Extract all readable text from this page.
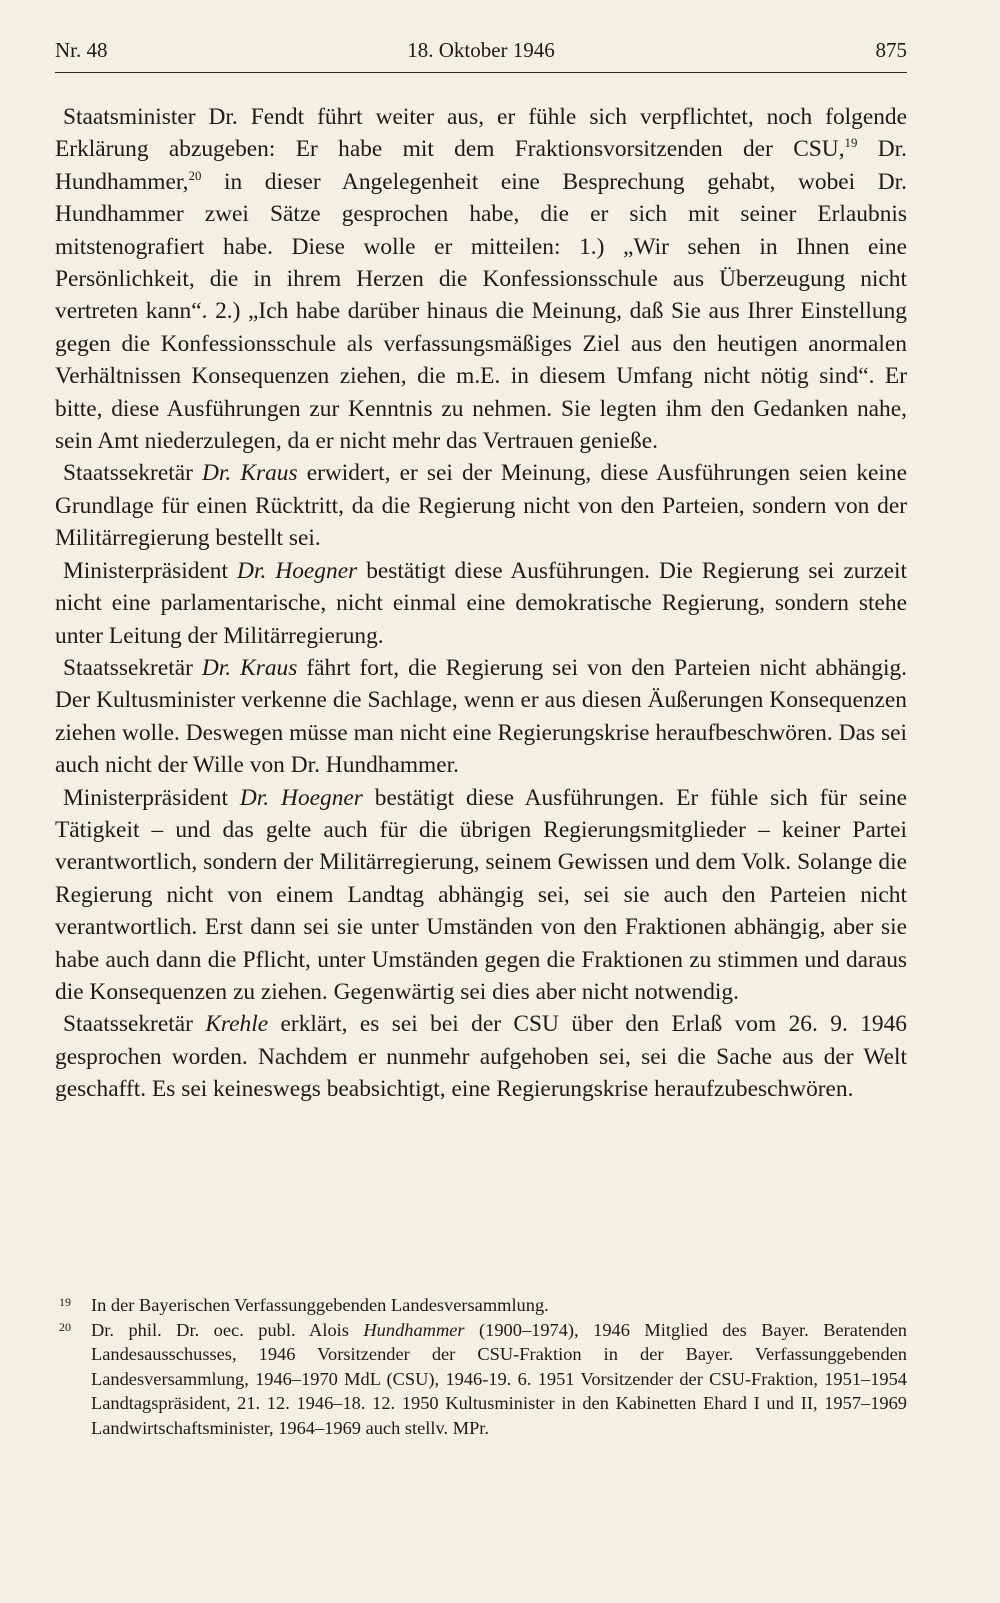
Nr. 48	18. Oktober 1946	875

Staatsminister Dr. Fendt führt weiter aus, er fühle sich verpflichtet, noch folgende Erklärung abzugeben: Er habe mit dem Fraktionsvorsitzenden der CSU,$^{19}$ Dr. Hundhammer,$^{20}$ in dieser Angelegenheit eine Besprechung gehabt, wobei Dr. Hundhammer zwei Sätze gesprochen habe, die er sich mit seiner Erlaubnis mitstenografiert habe. Diese wolle er mitteilen: 1.) „Wir sehen in Ihnen eine Persönlichkeit, die in ihrem Herzen die Konfessionsschule aus Überzeugung nicht vertreten kann“. 2.) „Ich habe darüber hinaus die Meinung, daß Sie aus Ihrer Einstellung gegen die Konfessionsschule als verfassungsmäßiges Ziel aus den heutigen anormalen Verhältnissen Konsequenzen ziehen, die m.E. in diesem Umfang nicht nötig sind“. Er bitte, diese Ausführungen zur Kenntnis zu nehmen. Sie legten ihm den Gedanken nahe, sein Amt niederzulegen, da er nicht mehr das Vertrauen genieße.

Staatssekretär Dr. Kraus erwidert, er sei der Meinung, diese Ausführungen seien keine Grundlage für einen Rücktritt, da die Regierung nicht von den Parteien, sondern von der Militärregierung bestellt sei.

Ministerpräsident Dr. Hoegner bestätigt diese Ausführungen. Die Regierung sei zurzeit nicht eine parlamentarische, nicht einmal eine demokratische Regierung, sondern stehe unter Leitung der Militärregierung.

Staatssekretär Dr. Kraus fährt fort, die Regierung sei von den Parteien nicht abhängig. Der Kultusminister verkenne die Sachlage, wenn er aus diesen Äußerungen Konsequenzen ziehen wolle. Deswegen müsse man nicht eine Regierungskrise heraufbeschwören. Das sei auch nicht der Wille von Dr. Hundhammer.

Ministerpräsident Dr. Hoegner bestätigt diese Ausführungen. Er fühle sich für seine Tätigkeit – und das gelte auch für die übrigen Regierungsmitglieder – keiner Partei verantwortlich, sondern der Militärregierung, seinem Gewissen und dem Volk. Solange die Regierung nicht von einem Landtag abhängig sei, sei sie auch den Parteien nicht verantwortlich. Erst dann sei sie unter Umständen von den Fraktionen abhängig, aber sie habe auch dann die Pflicht, unter Umständen gegen die Fraktionen zu stimmen und daraus die Konsequenzen zu ziehen. Gegenwärtig sei dies aber nicht notwendig.

Staatssekretär Krehle erklärt, es sei bei der CSU über den Erlaß vom 26. 9. 1946 gesprochen worden. Nachdem er nunmehr aufgehoben sei, sei die Sache aus der Welt geschafft. Es sei keineswegs beabsichtigt, eine Regierungskrise heraufzubeschwören.

19 In der Bayerischen Verfassunggebenden Landesversammlung.
20 Dr. phil. Dr. oec. publ. Alois Hundhammer (1900–1974), 1946 Mitglied des Bayer. Beratenden Landesausschusses, 1946 Vorsitzender der CSU-Fraktion in der Bayer. Verfassunggebenden Landesversammlung, 1946–1970 MdL (CSU), 1946-19. 6. 1951 Vorsitzender der CSU-Fraktion, 1951–1954 Landtagspräsident, 21. 12. 1946–18. 12. 1950 Kultusminister in den Kabinetten Ehard I und II, 1957–1969 Landwirtschaftsminister, 1964–1969 auch stellv. MPr.
